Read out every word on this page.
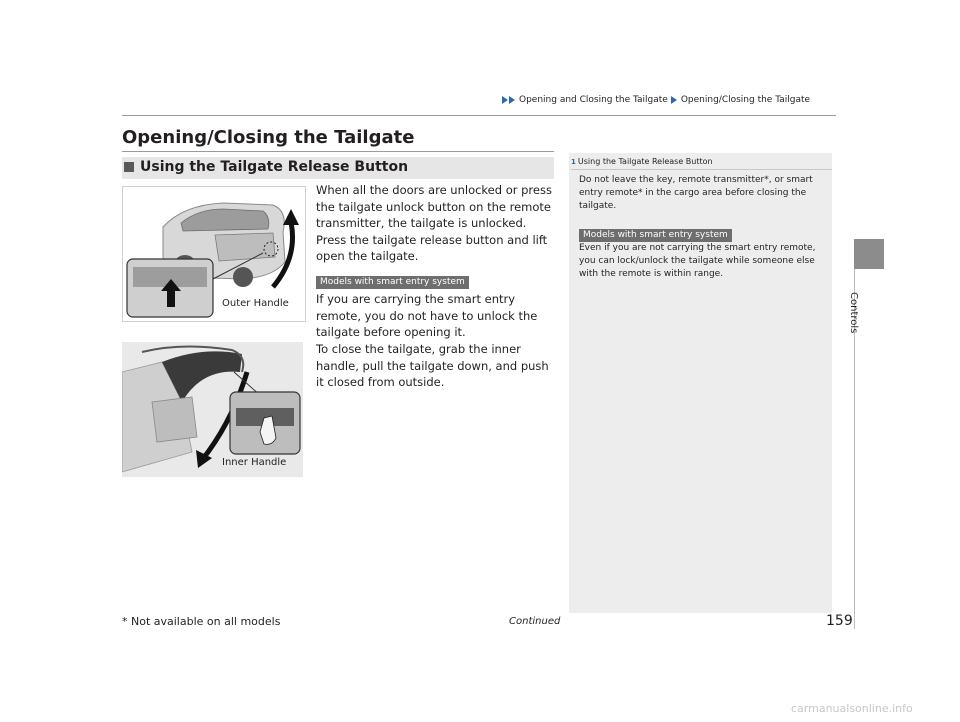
Opening and Closing the Tailgate Opening/Closing the Tailgate
Controls
Opening/Closing the Tailgate
Using the Tailgate Release Button
Outer Handle
When all the doors are unlocked or press the tailgate unlock button on the remote transmitter, the tailgate is unlocked. Press the tailgate release button and lift open the tailgate.
Models with smart entry system
If you are carrying the smart entry remote, you do not have to unlock the tailgate before opening it.
To close the tailgate, grab the inner handle, pull the tailgate down, and push it closed from outside.
Inner Handle
1 Using the Tailgate Release Button
Do not leave the key, remote transmitter*, or smart entry remote* in the cargo area before closing the tailgate.
Models with smart entry system
Even if you are not carrying the smart entry remote, you can lock/unlock the tailgate while someone else with the remote is within range.
* Not available on all models	Continued	159
carmanualsonline.info
